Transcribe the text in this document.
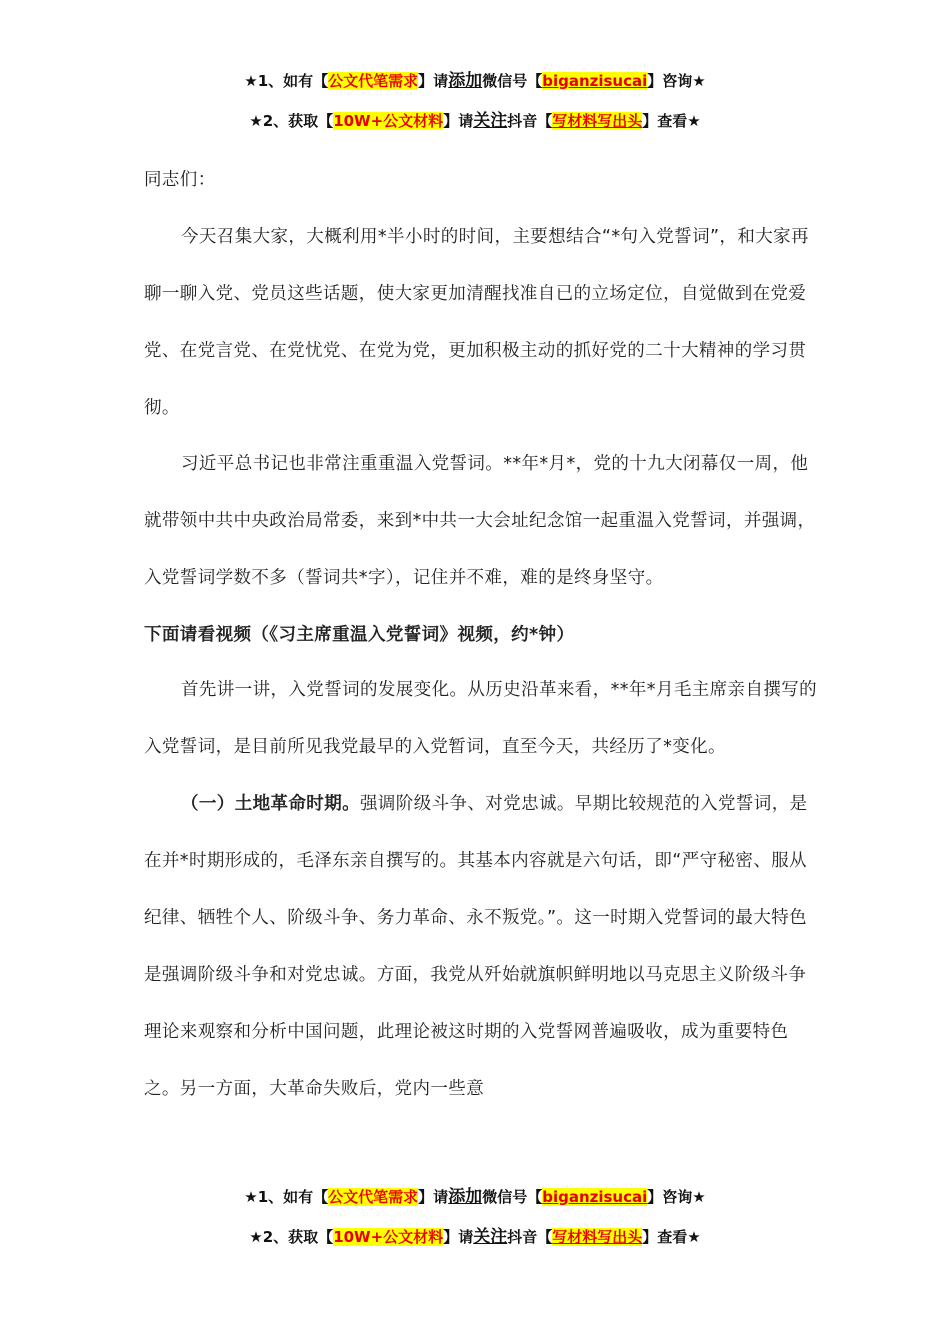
★1、如有【公文代笔需求】请添加微信号【biganzisucai】咨询★
★2、获取【10W+公文材料】请关注抖音【写材料写出头】查看★
同志们：
今天召集大家，大概利用*半小时的时间，主要想结合“*句入党誓词”，和大家再聊一聊入党、党员这些话题，使大家更加清醒找准自已的立场定位，自觉做到在党爱党、在党言党、在党忧党、在党为党，更加积极主动的抓好党的二十大精神的学习贯彻。
习近平总书记也非常注重重温入党誓词。**年*月*，党的十九大闭幕仅一周，他就带领中共中央政治局常委，来到*中共一大会址纪念馆一起重温入党誓词，并强调，入党誓词学数不多（誓词共*字），记住并不难，难的是终身坚守。
下面请看视频（《习主席重温入党誓词》视频，约*钟）
首先讲一讲，入党誓词的发展变化。从历史沿革来看，**年*月毛主席亲自撰写的入党誓词，是目前所见我党最早的入党暂词，直至今天，共经历了*变化。
（一）土地革命时期。强调阶级斗争、对党忠诚。早期比较规范的入党誓词，是在并*时期形成的，毛泽东亲自撰写的。其基本内容就是六句话，即“严守秘密、服从纪律、牺牲个人、阶级斗争、务力革命、永不叛党。”。这一时期入党誓词的最大特色是强调阶级斗争和对党忠诚。方面，我党从歼始就旗帜鲜明地以马克思主义阶级斗争理论来观察和分析中国问题，此理论被这时期的入党誓网普遍吸收，成为重要特色之。另一方面，大革命失败后，党内一些意
★1、如有【公文代笔需求】请添加微信号【biganzisucai】咨询★
★2、获取【10W+公文材料】请关注抖音【写材料写出头】查看★
